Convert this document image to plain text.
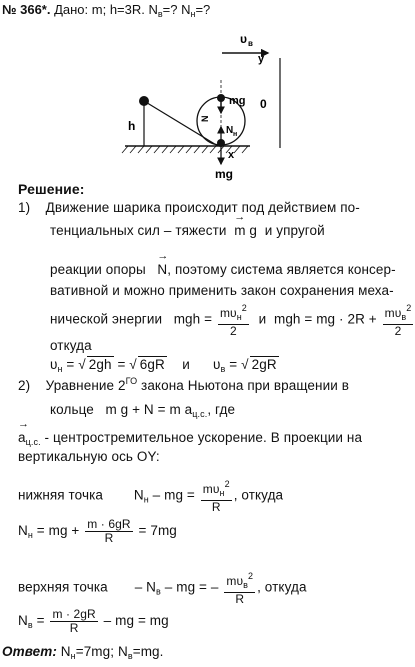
№ 366*. Дано: m; h=3R. $N_в=$? $N_н=$?
υ в
y
0
h
mg
N
N н
x
mg
Решение:
1) Движение шарика происходит под действием по-
тенциальных сил – тяжести → m g и упругой
реакции опоры → N, поэтому система является консер-
вативной и можно применить закон сохранения меха-
нической энергии mgh = $\frac{m\upsilon_н^2}{2}$ и mgh = mg · $2R + \frac{m\upsilon_в^2}{2}$
откуда
$\upsilon_н$ = √ 2gh = √ 6gR и $\upsilon_в$ = √ 2gR
2) Уравнение $2^{ГО}$ закона Ньютона при вращении в
кольце m g + N = m $a_{ц.с.}$, где
→ $a_{ц.с.}$ - центростремительное ускорение. В проекции на
вертикальную ось OY:
нижняя точка $N_н$ – mg = $\frac{m\upsilon_н^2}{R}$ , откуда
$N_н$ = mg + $\frac{m \cdot 6gR}{R} = 7mg$
верхняя точка – $N_в$ – mg = – $\frac{m\upsilon_в^2}{R}$ , откуда
$N_в = \frac{m \cdot 2gR}{R}$ – mg = mg
Ответ: $N_н=7mg$; $N_в=mg$.
